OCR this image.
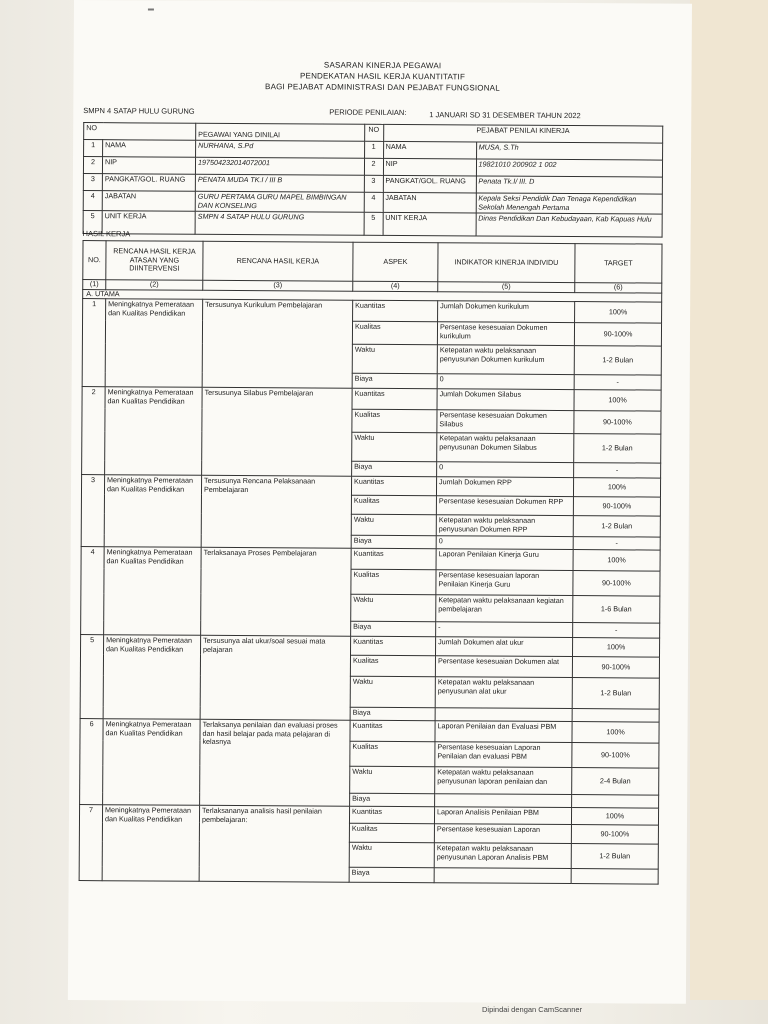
SASARAN KINERJA PEGAWAI
PENDEKATAN HASIL KERJA KUANTITATIF
BAGI PEJABAT ADMINISTRASI DAN PEJABAT FUNGSIONAL
SMPN 4 SATAP HULU GURUNG	PERIODE PENILAIAN:	1 JANUARI SD 31 DESEMBER TAHUN 2022
NO		PEGAWAI YANG DINILAI	NO	PEJABAT PENILAI KINERJA	
1	NAMA	NURHANA, S.Pd	1	NAMA	MUSA, S.Th
2	NIP	197504232014072001	2	NIP	19821010 200902 1 002
3	PANGKAT/GOL. RUANG	PENATA MUDA TK.I / III B	3	PANGKAT/GOL. RUANG	Penata Tk.I/ III. D
4	JABATAN	GURU PERTAMA GURU MAPEL BIMBINGAN DAN KONSELING	4	JABATAN	Kepala Seksi Pendidik Dan Tenaga Kependidikan Sekolah Menengah Pertama
5	UNIT KERJA	SMPN 4 SATAP HULU GURUNG	5	UNIT KERJA	Dinas Pendidikan Dan Kebudayaan, Kab Kapuas Hulu
HASIL KERJA
NO.	RENCANA HASIL KERJA ATASAN YANG DIINTERVENSI	RENCANA HASIL KERJA	ASPEK	INDIKATOR KINERJA INDIVIDU	TARGET
(1)	(2)	(3)	(4)	(5)	(6)
A. UTAMA					
1	Meningkatnya Pemerataan dan Kualitas Pendidikan	Tersusunya Kurikulum Pembelajaran	Kuantitas	Jumlah Dokumen kurikulum	100%
			Kualitas	Persentase kesesuaian Dokumen kurikulum	90-100%
			Waktu	Ketepatan waktu pelaksanaan penyusunan Dokumen kurikulum	1-2 Bulan
			Biaya	0	-
2	Meningkatnya Pemerataan dan Kualitas Pendidikan	Tersusunya Silabus Pembelajaran	Kuantitas	Jumlah Dokumen Silabus	100%
			Kualitas	Persentase kesesuaian Dokumen Silabus	90-100%
			Waktu	Ketepatan waktu pelaksanaan penyusunan Dokumen Silabus	1-2 Bulan
			Biaya	0	-
3	Meningkatnya Pemerataan dan Kualitas Pendidikan	Tersusunya Rencana Pelaksanaan Pembelajaran	Kuantitas	Jumlah Dokumen RPP	100%
			Kualitas	Persentase kesesuaian Dokumen RPP	90-100%
			Waktu	Ketepatan waktu pelaksanaan penyusunan Dokumen RPP	1-2 Bulan
			Biaya	0	-
4	Meningkatnya Pemerataan dan Kualitas Pendidikan	Terlaksanaya Proses Pembelajaran	Kuantitas	Laporan Penilaian Kinerja Guru	100%
			Kualitas	Persentase kesesuaian laporan Penilaian Kinerja Guru	90-100%
			Waktu	Ketepatan waktu pelaksanaan kegiatan pembelajaran	1-6 Bulan
			Biaya	-	-
5	Meningkatnya Pemerataan dan Kualitas Pendidikan	Tersusunya alat ukur/soal sesuai mata pelajaran	Kuantitas	Jumlah Dokumen alat ukur	100%
			Kualitas	Persentase kesesuaian Dokumen alat	90-100%
			Waktu	Ketepatan waktu pelaksanaan penyusunan alat ukur	1-2 Bulan
			Biaya		
6	Meningkatnya Pemerataan dan Kualitas Pendidikan	Terlaksanya penilaian dan evaluasi proses dan hasil belajar pada mata pelajaran di kelasnya	Kuantitas	Laporan Penilaian dan Evaluasi PBM	100%
			Kualitas	Persentase kesesuaian Laporan Penilaian dan evaluasi PBM	90-100%
			Waktu	Ketepatan waktu pelaksanaan penyusunan laporan penilaian dan	2-4 Bulan
			Biaya		
7	Meningkatnya Pemerataan dan Kualitas Pendidikan	Terlaksananya analisis hasil penilaian pembelajaran:	Kuantitas	Laporan Analisis Penilaian PBM	100%
			Kualitas	Persentase kesesuaian Laporan	90-100%
			Waktu	Ketepatan waktu pelaksanaan penyusunan Laporan Analisis PBM	1-2 Bulan
			Biaya		
Dipindai dengan CamScanner
